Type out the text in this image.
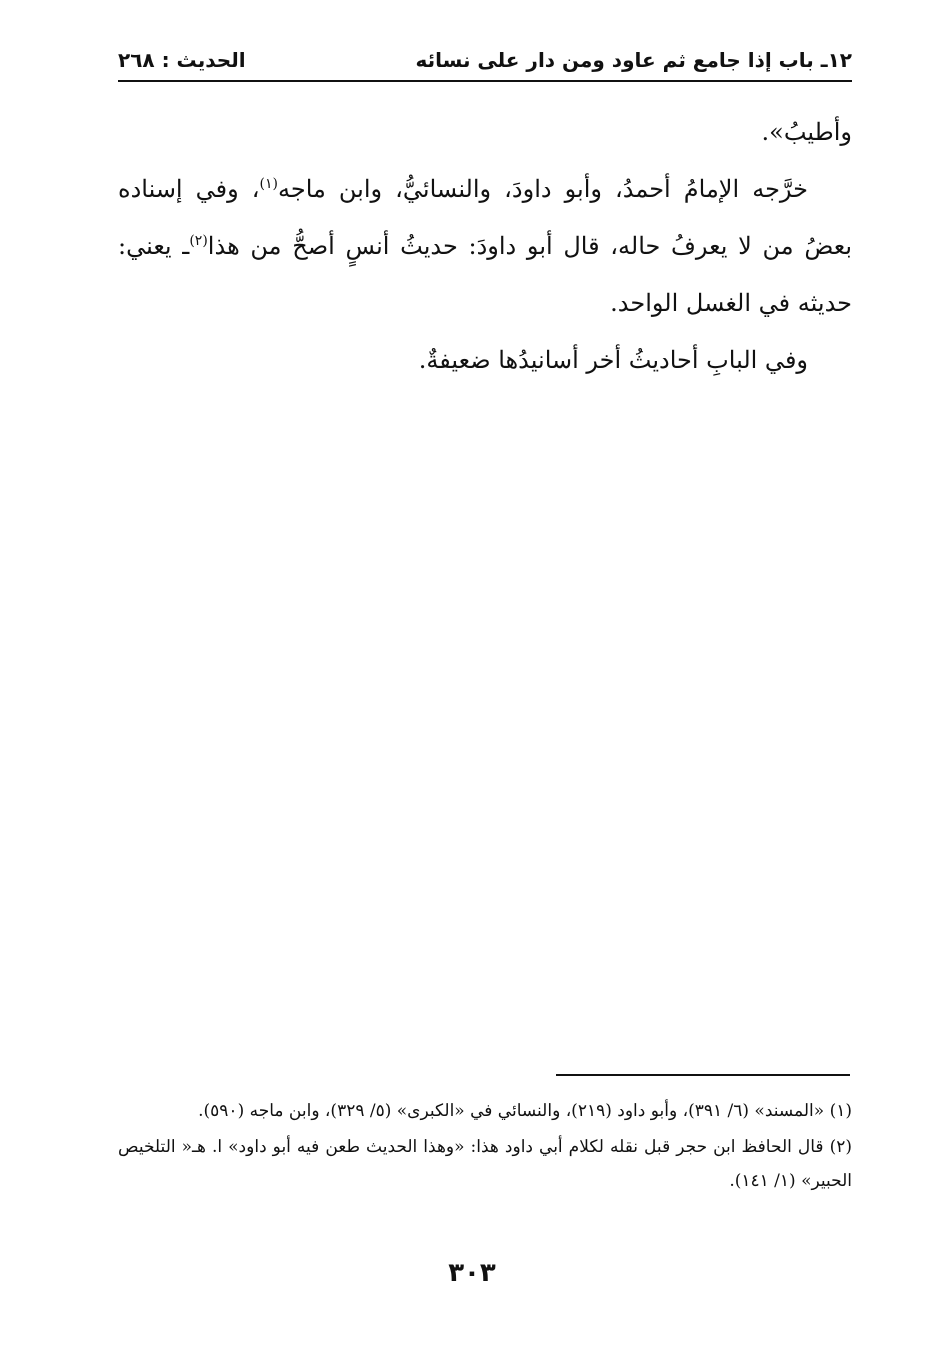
١٢ـ باب إذا جامع ثم عاود ومن دار على نسائه
الحديث : ٢٦٨

وأطيبُ».

خرَّجه الإمامُ أحمدُ، وأبو داودَ، والنسائيُّ، وابن ماجه$^{(١)}$، وفي إسناده بعضُ من لا يعرفُ حاله، قال أبو داودَ: حديثُ أنسٍ أصحُّ من هذا$^{(٢)}$ـ يعني: حديثه في الغسل الواحد.

وفي البابِ أحاديثُ أخر أسانيدُها ضعيفةٌ.

(١) «المسند» (٦/ ٣٩١)، وأبو داود (٢١٩)، والنسائي في «الكبرى» (٥/ ٣٢٩)، وابن ماجه (٥٩٠).

(٢) قال الحافظ ابن حجر قبل نقله لكلام أبي داود هذا: «وهذا الحديث طعن فيه أبو داود» ا. هـ« التلخيص الحبير» (١/ ١٤١).

٣٠٣
